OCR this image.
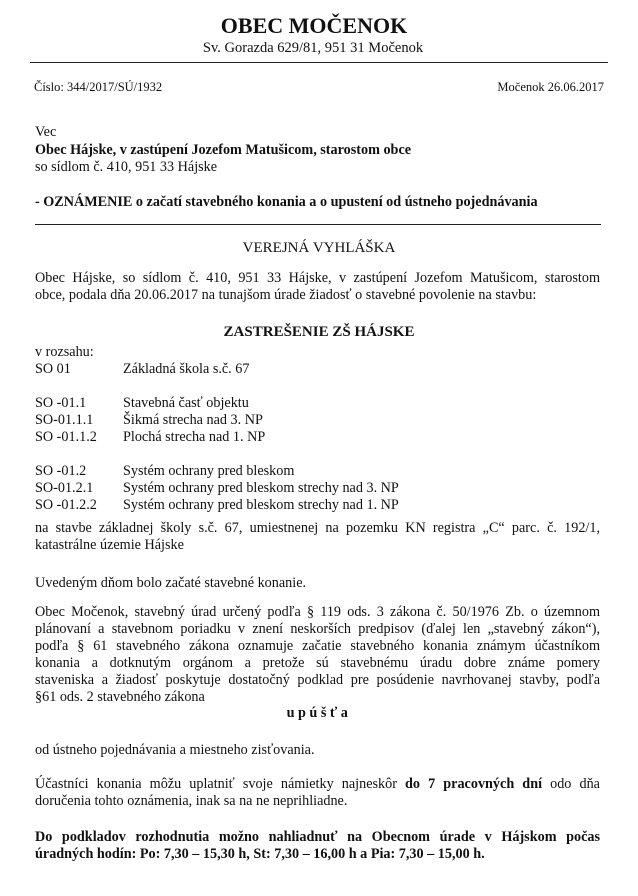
OBEC MOČENOK
Sv. Gorazda 629/81, 951 31 Močenok
Číslo: 344/2017/SÚ/1932	Močenok 26.06.2017
Vec
Obec Hájske, v zastúpení Jozefom Matušicom, starostom obce
so sídlom č. 410, 951 33 Hájske
- OZNÁMENIE o začatí stavebného konania a o upustení od ústneho pojednávania
VEREJNÁ VYHLÁŠKA
Obec Hájske, so sídlom č. 410, 951 33 Hájske, v zastúpení Jozefom Matušicom, starostom
obce, podala dňa 20.06.2017 na tunajšom úrade žiadosť o stavebné povolenie na stavbu:
ZASTREŠENIE ZŠ HÁJSKE
v rozsahu:
SO 01	Základná škola s.č. 67
SO -01.1	Stavebná časť objektu
SO-01.1.1 Šikmá strecha nad 3. NP
SO -01.1.2 Plochá strecha nad 1. NP
SO -01.2	Systém ochrany pred bleskom
SO-01.2.1 Systém ochrany pred bleskom strechy nad 3. NP
SO -01.2.2 Systém ochrany pred bleskom strechy nad 1. NP
na stavbe základnej školy s.č. 67, umiestnenej na pozemku KN registra „C“ parc. č. 192/1,
katastrálne územie Hájske
Uvedeným dňom bolo začaté stavebné konanie.
Obec Močenok, stavebný úrad určený podľa § 119 ods. 3 zákona č. 50/1976 Zb. o územnom
plánovaní a stavebnom poriadku v znení neskorších predpisov (ďalej len „stavebný zákon“),
podľa § 61 stavebného zákona oznamuje začatie stavebného konania známym účastníkom
konania a dotknutým orgánom a pretože sú stavebnému úradu dobre známe pomery
staveniska a žiadosť poskytuje dostatočný podklad pre posúdenie navrhovanej stavby, podľa
§61 ods. 2 stavebného zákona
upúšťa
od ústneho pojednávania a miestneho zisťovania.
Účastníci konania môžu uplatniť svoje námietky najneskôr do 7 pracovných dní odo dňa
doručenia tohto oznámenia, inak sa na ne neprihliadne.
Do podkladov rozhodnutia možno nahliadnuť na Obecnom úrade v Hájskom počas
úradných hodín: Po: 7,30 – 15,30 h, St: 7,30 – 16,00 h a Pia: 7,30 – 15,00 h.
